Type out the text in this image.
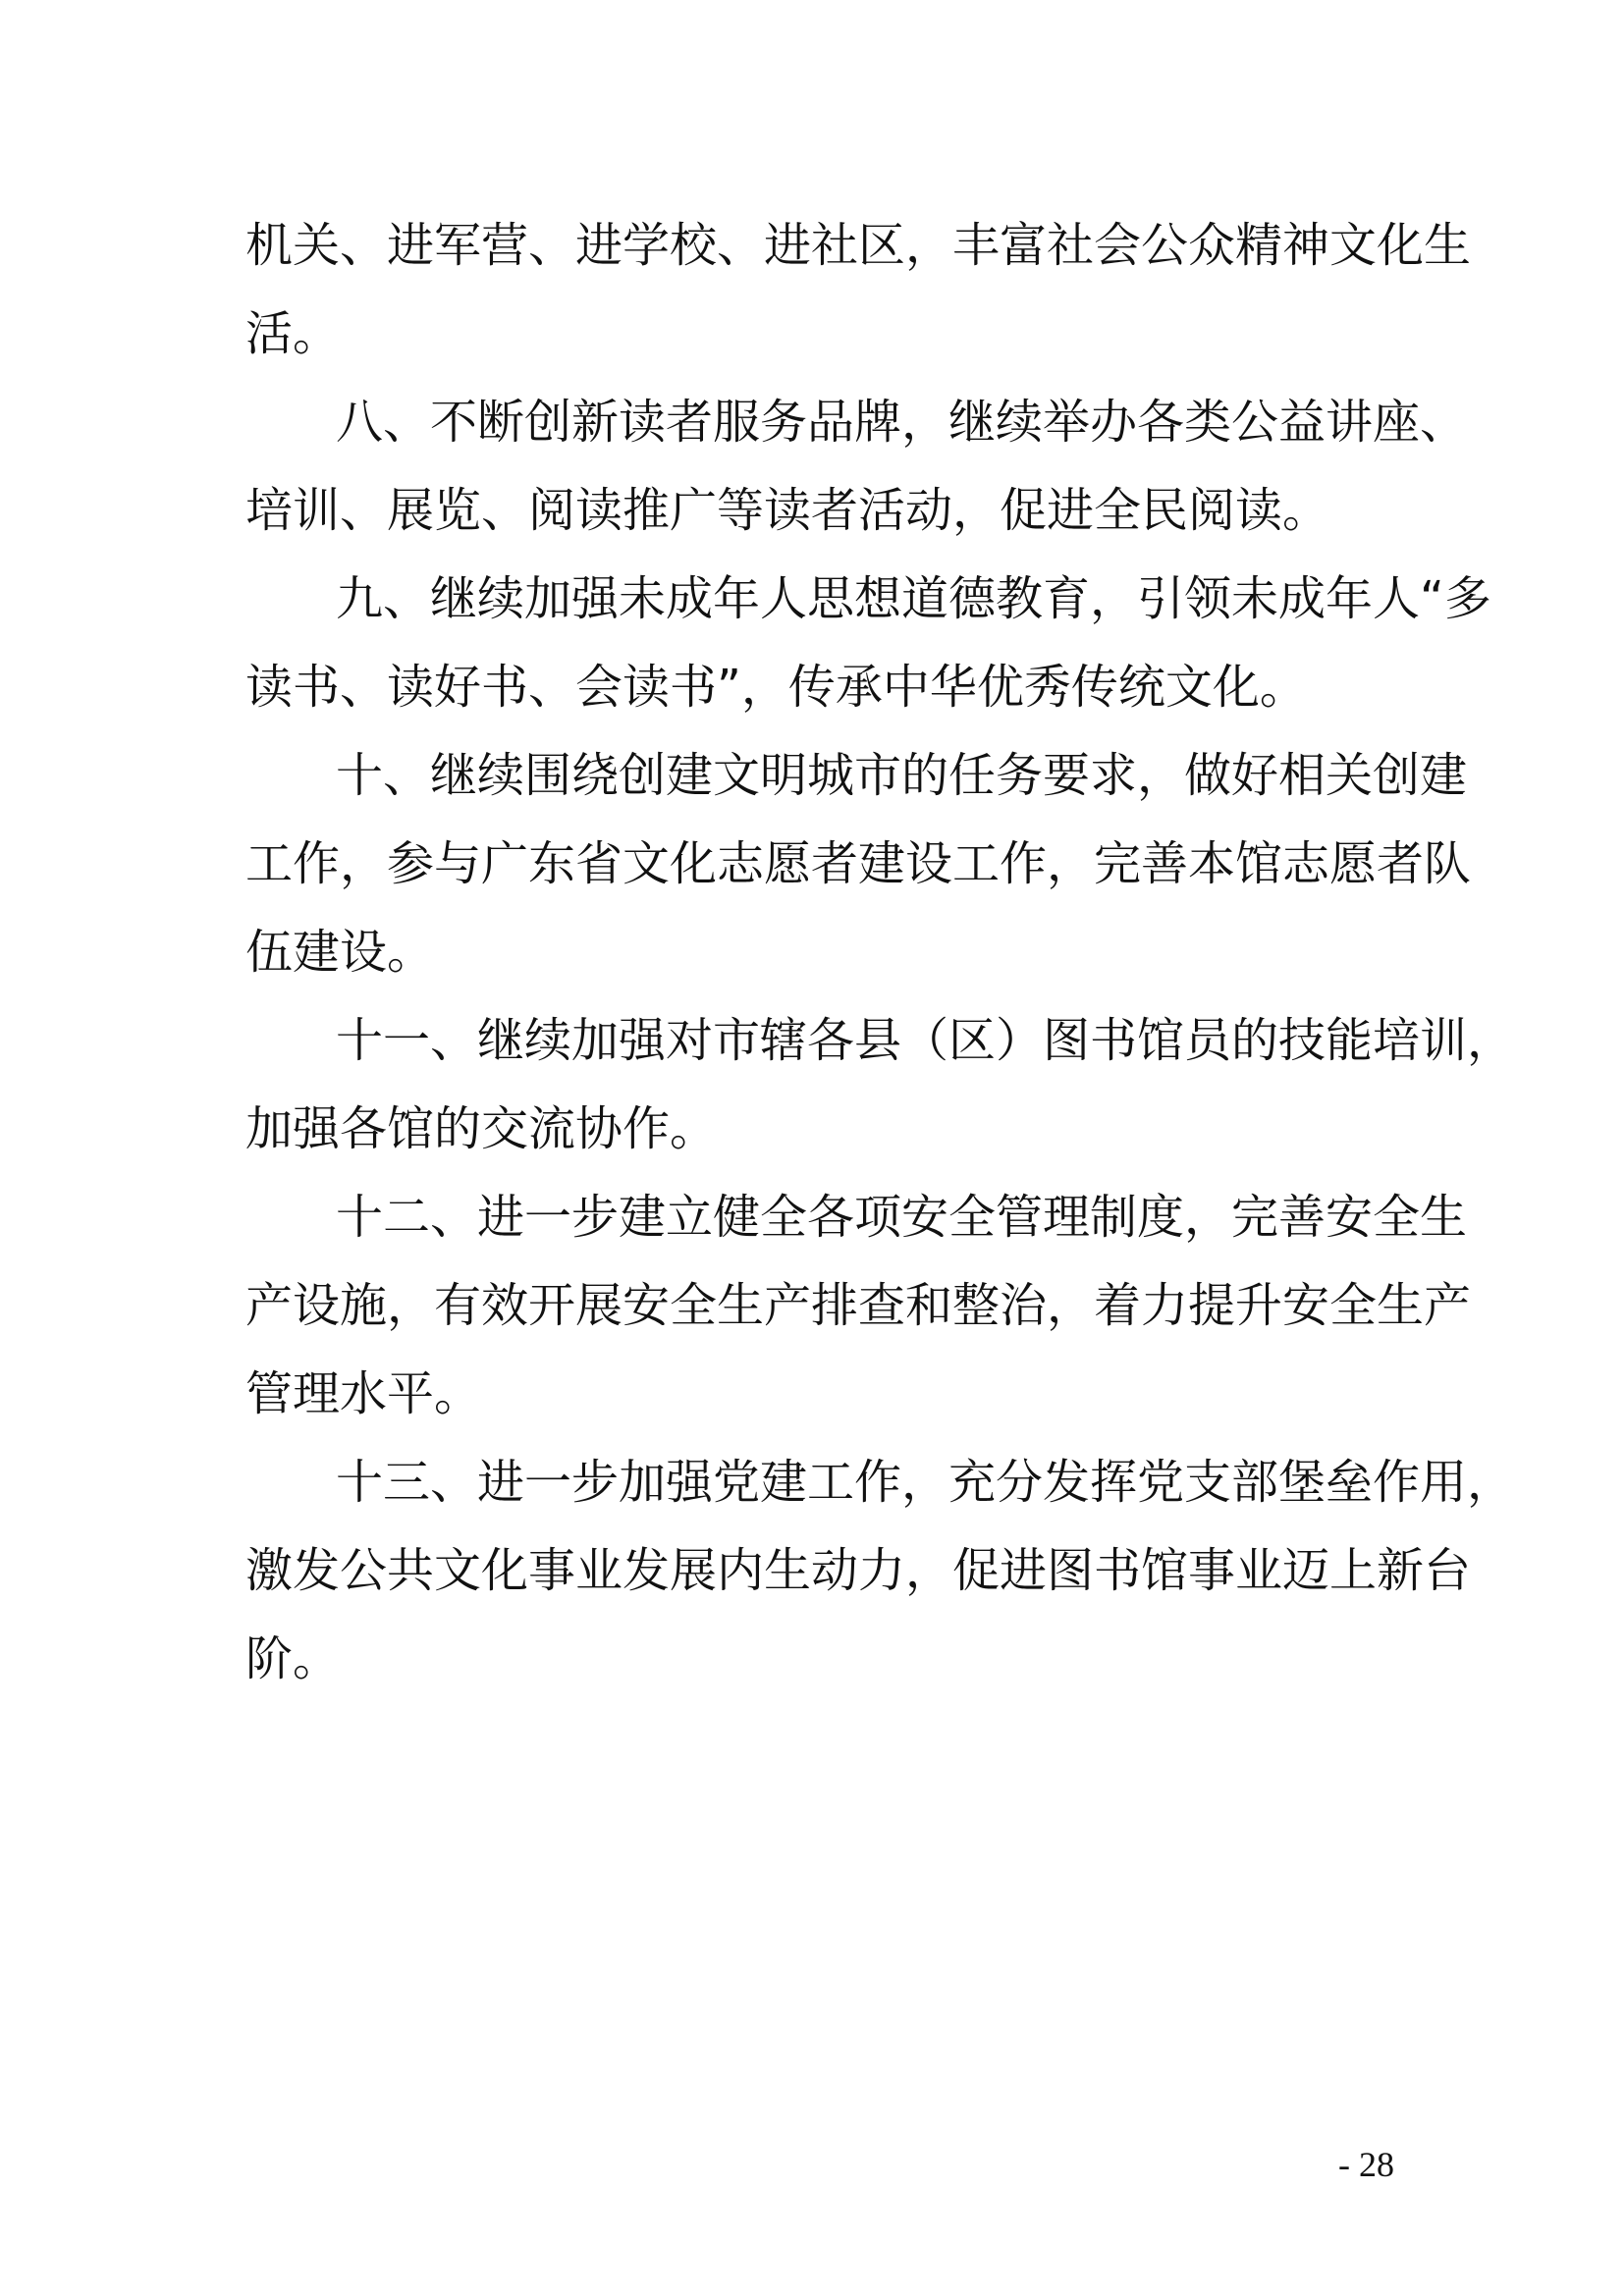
机关、进军营、进学校、进社区，丰富社会公众精神文化生
活。
八、不断创新读者服务品牌，继续举办各类公益讲座、
培训、展览、阅读推广等读者活动，促进全民阅读。
九、继续加强未成年人思想道德教育，引领未成年人“多
读书、读好书、会读书”，传承中华优秀传统文化。
十、继续围绕创建文明城市的任务要求，做好相关创建
工作，参与广东省文化志愿者建设工作，完善本馆志愿者队
伍建设。
十一、继续加强对市辖各县（区）图书馆员的技能培训，
加强各馆的交流协作。
十二、进一步建立健全各项安全管理制度，完善安全生
产设施，有效开展安全生产排查和整治，着力提升安全生产
管理水平。
十三、进一步加强党建工作，充分发挥党支部堡垒作用，
激发公共文化事业发展内生动力，促进图书馆事业迈上新台
阶。
- 28
